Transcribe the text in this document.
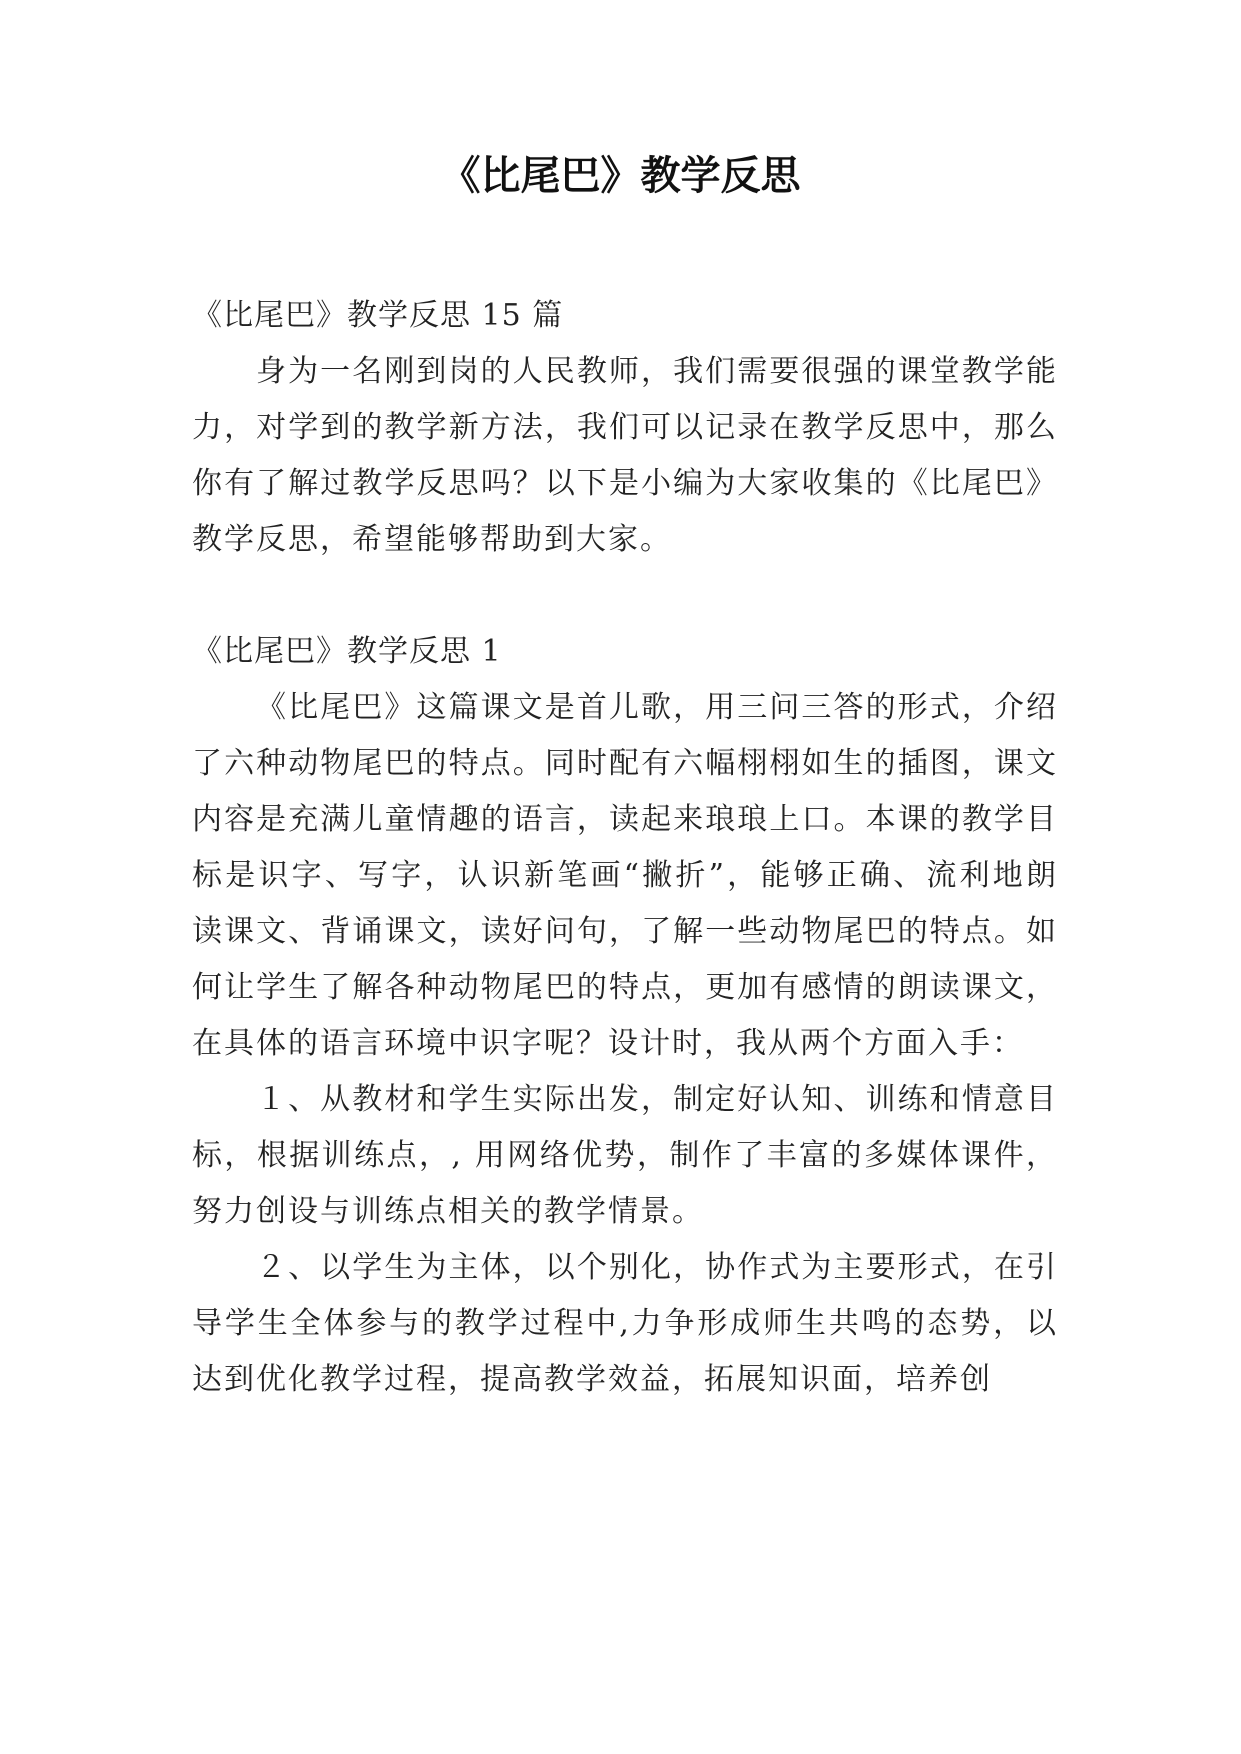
《比尾巴》教学反思

《比尾巴》教学反思 15 篇

身为一名刚到岗的人民教师，我们需要很强的课堂教学能力，对学到的教学新方法，我们可以记录在教学反思中，那么你有了解过教学反思吗？以下是小编为大家收集的《比尾巴》教学反思，希望能够帮助到大家。

《比尾巴》教学反思 1

《比尾巴》这篇课文是首儿歌，用三问三答的形式，介绍了六种动物尾巴的特点。同时配有六幅栩栩如生的插图，课文内容是充满儿童情趣的语言，读起来琅琅上口。本课的教学目标是识字、写字，认识新笔画“撇折”，能够正确、流利地朗读课文、背诵课文，读好问句，了解一些动物尾巴的特点。如何让学生了解各种动物尾巴的特点，更加有感情的朗读课文，在具体的语言环境中识字呢？设计时，我从两个方面入手：

１、从教材和学生实际出发，制定好认知、训练和情意目标，根据训练点，, 用网络优势，制作了丰富的多媒体课件，努力创设与训练点相关的教学情景。

２、以学生为主体，以个别化，协作式为主要形式，在引导学生全体参与的教学过程中,力争形成师生共鸣的态势，以达到优化教学过程，提高教学效益，拓展知识面，培养创
